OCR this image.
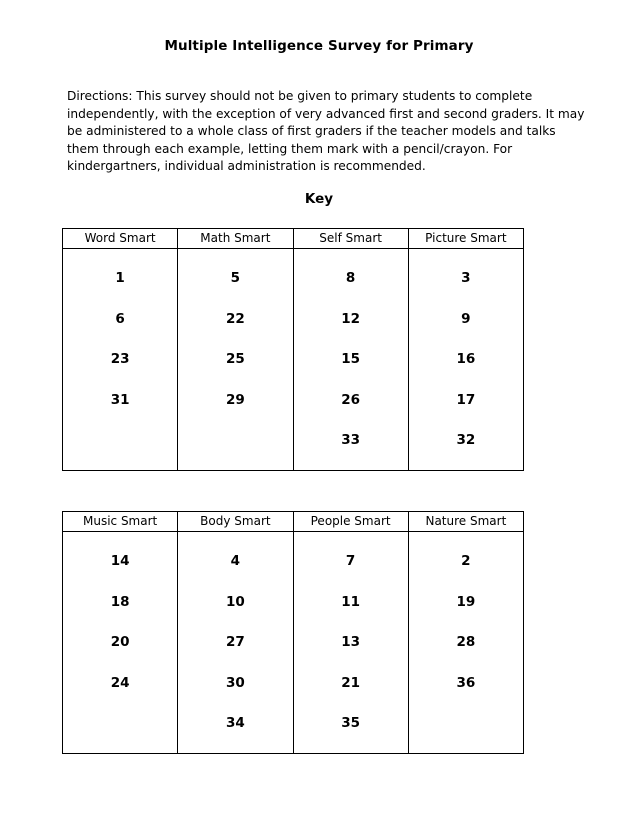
Multiple Intelligence Survey for Primary

Directions: This survey should not be given to primary students to complete
independently, with the exception of very advanced first and second graders. It may
be administered to a whole class of first graders if the teacher models and talks
them through each example, letting them mark with a pencil/crayon. For
kindergartners, individual administration is recommended.

Key
Word Smart
1
6
23
31
Math Smart
5
22
25
29
Self Smart
8
12
15
26
33
Picture Smart
3
9
16
17
32
Music Smart
14
18
20
24
Body Smart
4
10
27
30
34
People Smart
7
11
13
21
35
Nature Smart
2
19
28
36
